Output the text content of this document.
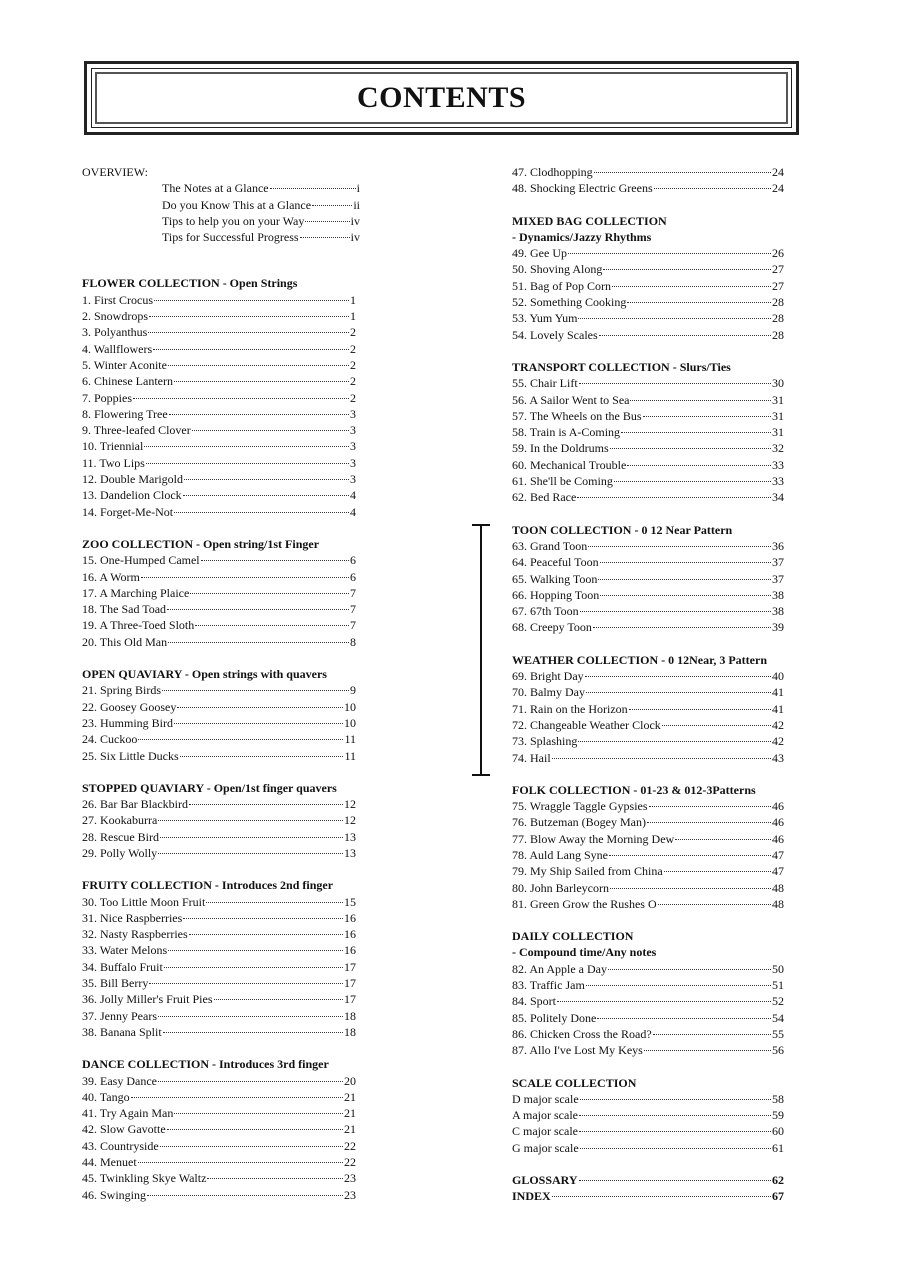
CONTENTS
OVERVIEW:
The Notes at a Glance	i
Do you Know This at a Glance	ii
Tips to help you on your Way	iv
Tips for Successful Progress	iv
FLOWER COLLECTION - Open Strings
1. First Crocus	1
2. Snowdrops	1
3. Polyanthus	2
4. Wallflowers	2
5. Winter Aconite	2
6. Chinese Lantern	2
7. Poppies	2
8. Flowering Tree	3
9. Three-leafed Clover	3
10. Triennial	3
11. Two Lips	3
12. Double Marigold	3
13. Dandelion Clock	4
14. Forget-Me-Not	4
ZOO COLLECTION - Open string/1st Finger
15. One-Humped Camel	6
16. A Worm	6
17. A Marching Plaice	7
18. The Sad Toad	7
19. A Three-Toed Sloth	7
20. This Old Man	8
OPEN QUAVIARY - Open strings with quavers
21. Spring Birds	9
22. Goosey Goosey	10
23. Humming Bird	10
24. Cuckoo	11
25. Six Little Ducks	11
STOPPED QUAVIARY - Open/1st finger quavers
26. Bar Bar Blackbird	12
27. Kookaburra	12
28. Rescue Bird	13
29. Polly Wolly	13
FRUITY COLLECTION - Introduces 2nd finger
30. Too Little Moon Fruit	15
31. Nice Raspberries	16
32. Nasty Raspberries	16
33. Water Melons	16
34. Buffalo Fruit	17
35. Bill Berry	17
36. Jolly Miller's Fruit Pies	17
37. Jenny Pears	18
38. Banana Split	18
DANCE COLLECTION - Introduces 3rd finger
39. Easy Dance	20
40. Tango	21
41. Try Again Man	21
42. Slow Gavotte	21
43. Countryside	22
44. Menuet	22
45. Twinkling Skye Waltz	23
46. Swinging	23
47. Clodhopping	24
48. Shocking Electric Greens	24
MIXED BAG COLLECTION
- Dynamics/Jazzy Rhythms
49. Gee Up	26
50. Shoving Along	27
51. Bag of Pop Corn	27
52. Something Cooking	28
53. Yum Yum	28
54. Lovely Scales	28
TRANSPORT COLLECTION - Slurs/Ties
55. Chair Lift	30
56. A Sailor Went to Sea	31
57. The Wheels on the Bus	31
58. Train is A-Coming	31
59. In the Doldrums	32
60. Mechanical Trouble	33
61. She'll be Coming	33
62. Bed Race	34
TOON COLLECTION - 0 12 Near Pattern
63. Grand Toon	36
64. Peaceful Toon	37
65. Walking Toon	37
66. Hopping Toon	38
67. 67th Toon	38
68. Creepy Toon	39
WEATHER COLLECTION - 0 12Near, 3 Pattern
69. Bright Day	40
70. Balmy Day	41
71. Rain on the Horizon	41
72. Changeable Weather Clock	42
73. Splashing	42
74. Hail	43
FOLK COLLECTION - 01-23 & 012-3Patterns
75. Wraggle Taggle Gypsies	46
76. Butzeman (Bogey Man)	46
77. Blow Away the Morning Dew	46
78. Auld Lang Syne	47
79. My Ship Sailed from China	47
80. John Barleycorn	48
81. Green Grow the Rushes O	48
DAILY COLLECTION
- Compound time/Any notes
82. An Apple a Day	50
83. Traffic Jam	51
84. Sport	52
85. Politely Done	54
86. Chicken Cross the Road?	55
87. Allo I've Lost My Keys	56
SCALE COLLECTION
D major scale	58
A major scale	59
C major scale	60
G major scale	61
GLOSSARY	62
INDEX	67
